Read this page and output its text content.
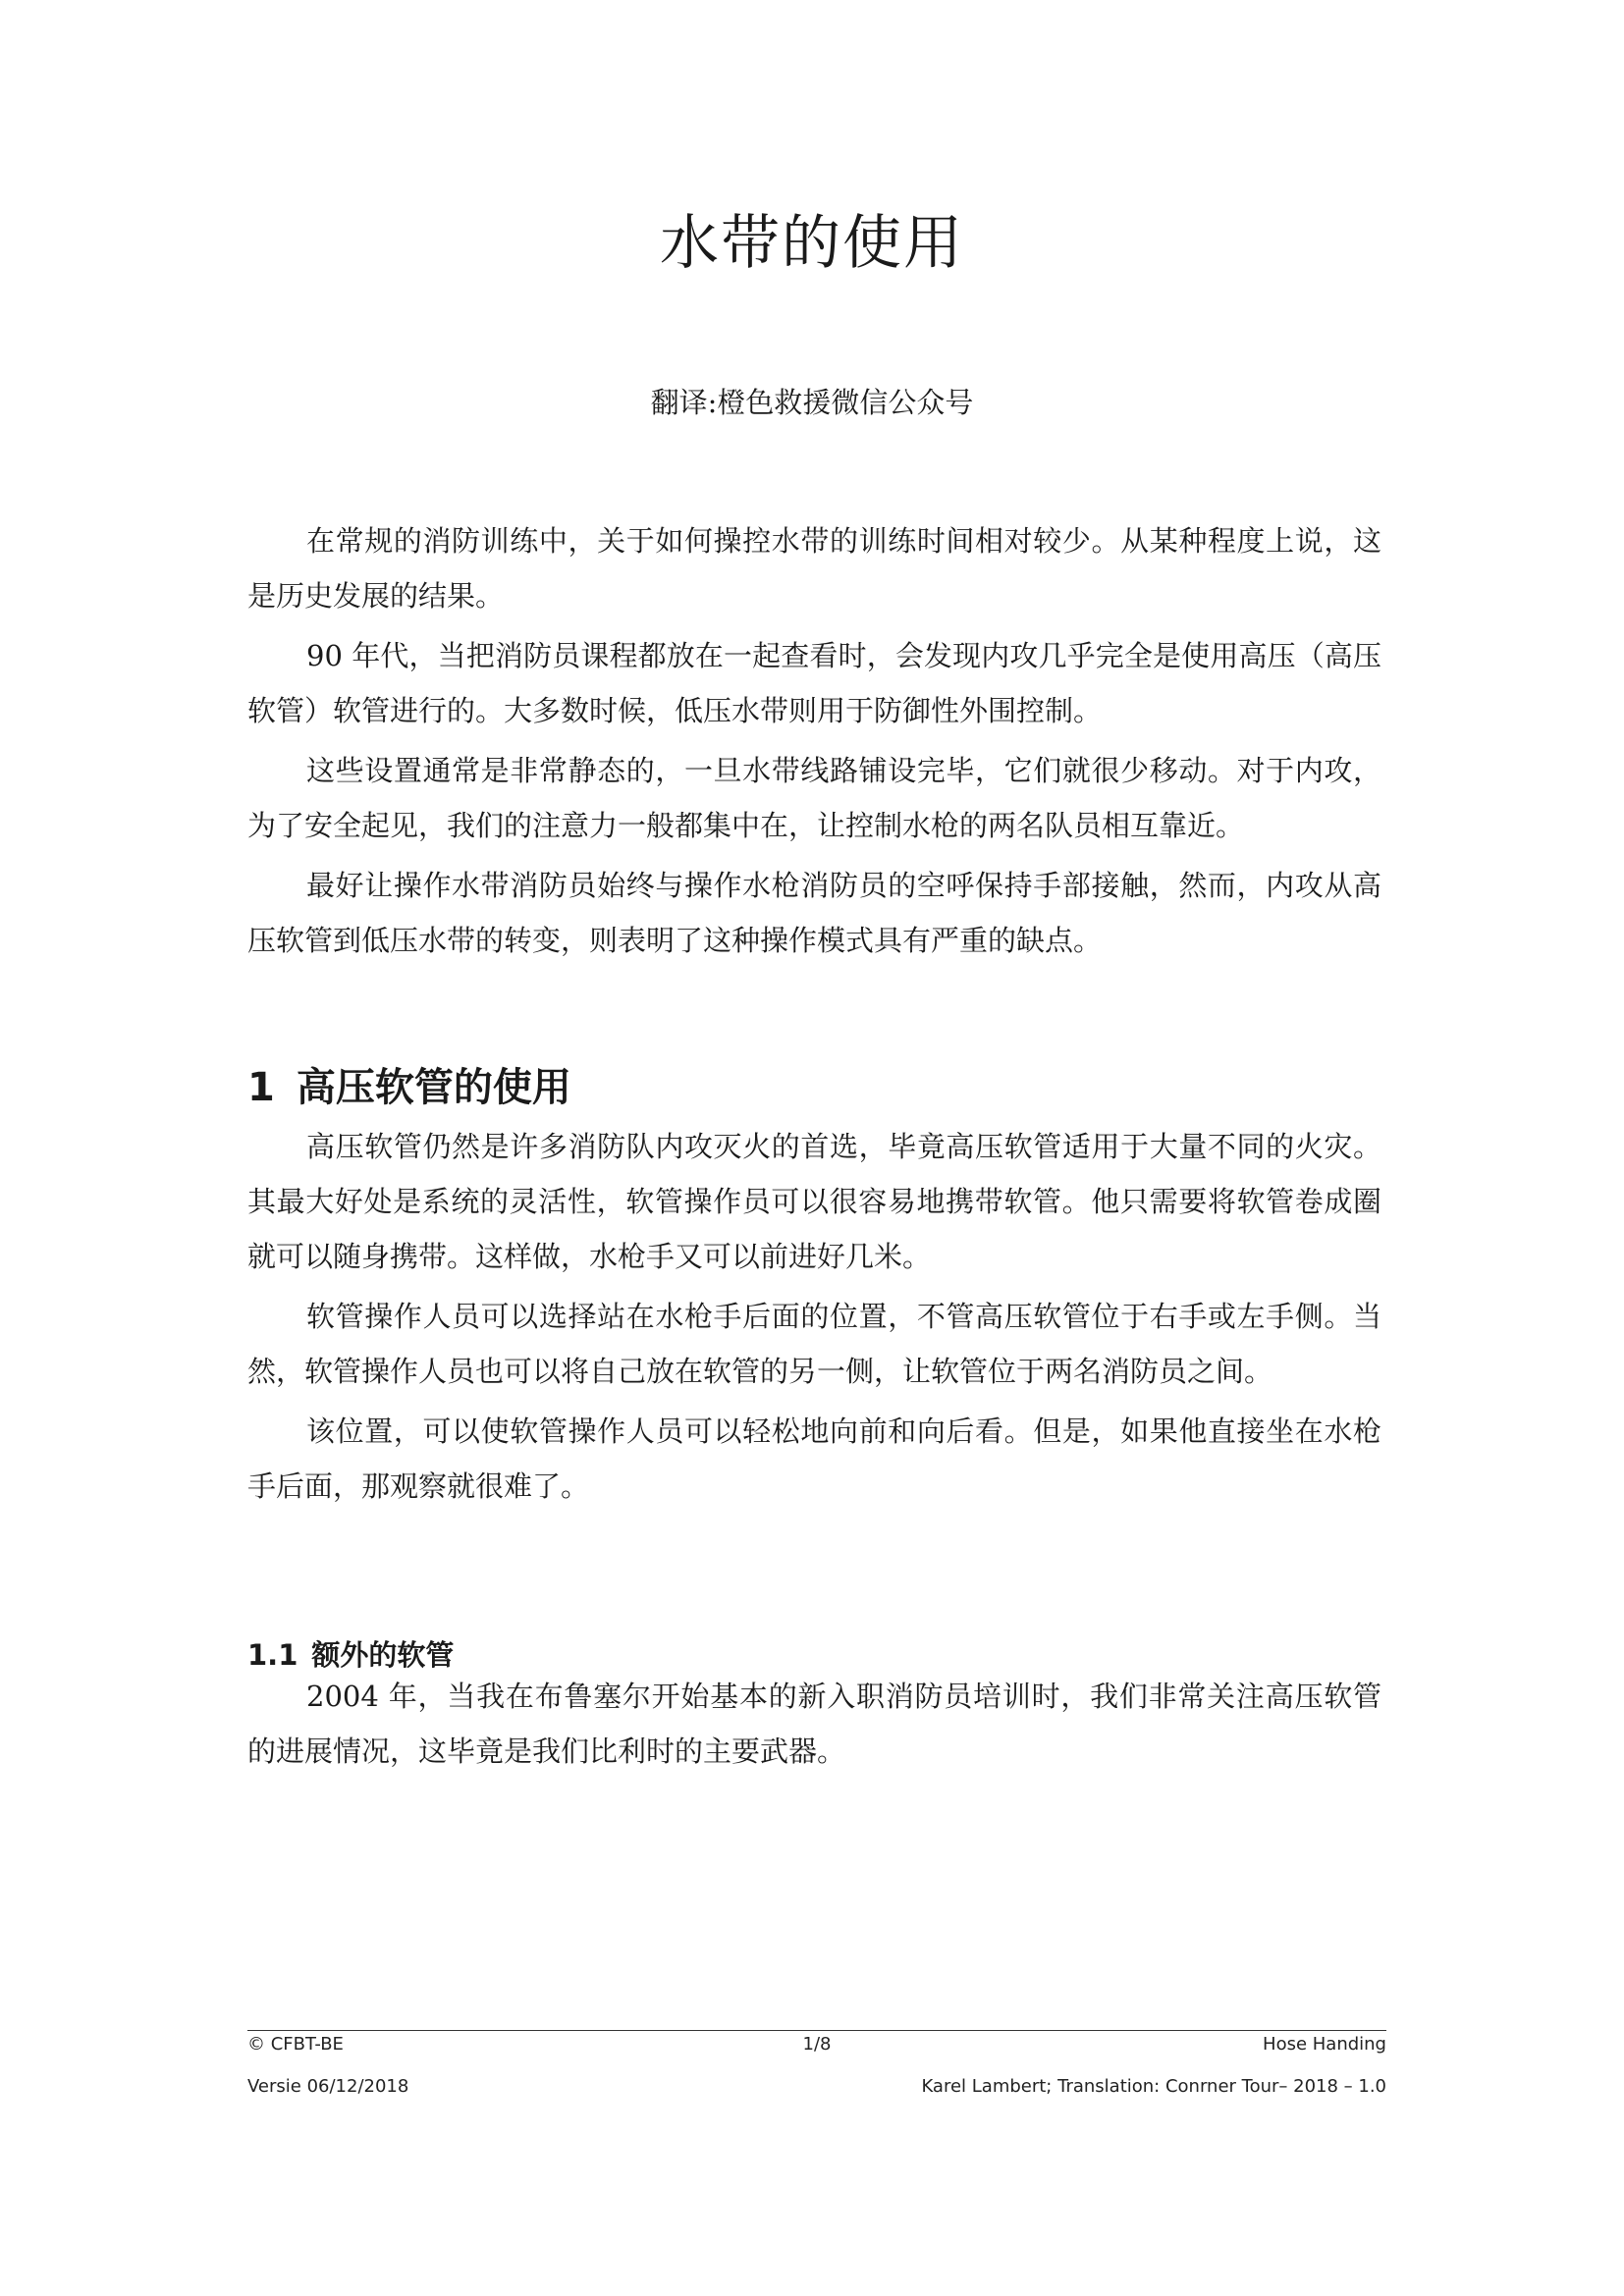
水带的使用

翻译:橙色救援微信公众号

在常规的消防训练中，关于如何操控水带的训练时间相对较少。从某种程度上说，这是历史发展的结果。

90 年代，当把消防员课程都放在一起查看时，会发现内攻几乎完全是使用高压（高压软管）软管进行的。大多数时候，低压水带则用于防御性外围控制。

这些设置通常是非常静态的，一旦水带线路铺设完毕，它们就很少移动。对于内攻，为了安全起见，我们的注意力一般都集中在，让控制水枪的两名队员相互靠近。

最好让操作水带消防员始终与操作水枪消防员的空呼保持手部接触，然而，内攻从高压软管到低压水带的转变，则表明了这种操作模式具有严重的缺点。

1 高压软管的使用

高压软管仍然是许多消防队内攻灭火的首选，毕竟高压软管适用于大量不同的火灾。其最大好处是系统的灵活性，软管操作员可以很容易地携带软管。他只需要将软管卷成圈就可以随身携带。这样做，水枪手又可以前进好几米。

软管操作人员可以选择站在水枪手后面的位置，不管高压软管位于右手或左手侧。当然，软管操作人员也可以将自己放在软管的另一侧，让软管位于两名消防员之间。

该位置，可以使软管操作人员可以轻松地向前和向后看。但是，如果他直接坐在水枪手后面，那观察就很难了。

1.1 额外的软管

2004 年，当我在布鲁塞尔开始基本的新入职消防员培训时，我们非常关注高压软管的进展情况，这毕竟是我们比利时的主要武器。

© CFBT-BE	1/8	Hose Handing
Versie 06/12/2018	Karel Lambert; Translation: Conrner Tour– 2018 – 1.0
